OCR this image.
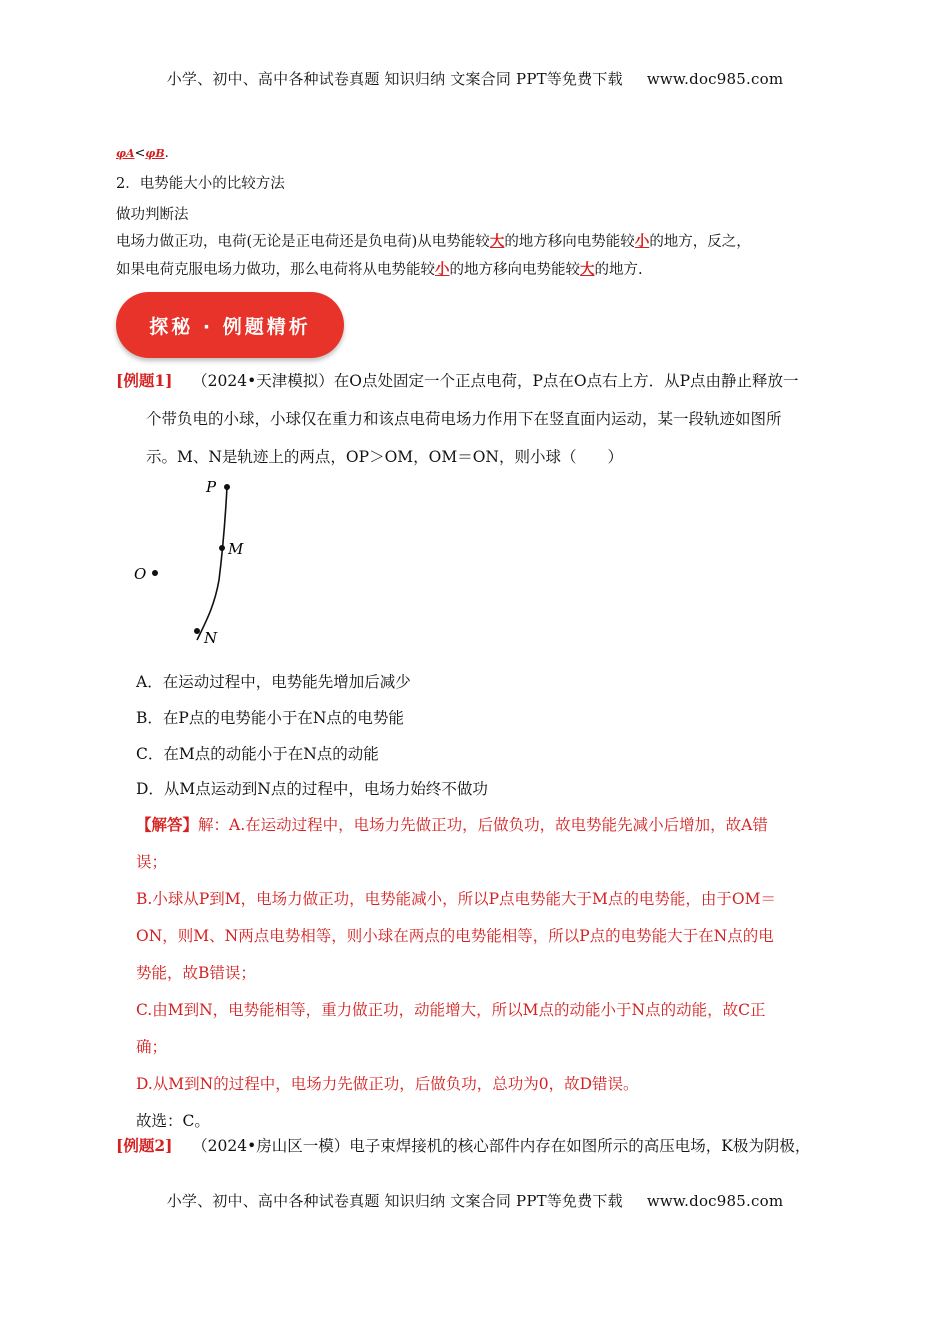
小学、初中、高中各种试卷真题 知识归纳 文案合同 PPT等免费下载 www.doc985.com
φA<φB.
2．电势能大小的比较方法
做功判断法
电场力做正功，电荷(无论是正电荷还是负电荷)从电势能较大的地方移向电势能较小的地方，反之，
如果电荷克服电场力做功，那么电荷将从电势能较小的地方移向电势能较大的地方.
探秘 · 例题精析
[例题1] （2024•天津模拟）在O点处固定一个正点电荷，P点在O点右上方．从P点由静止释放一
个带负电的小球，小球仅在重力和该点电荷电场力作用下在竖直面内运动，某一段轨迹如图所
示。M、N是轨迹上的两点，OP＞OM，OM＝ON，则小球（　　）
P
M
N
O
A．在运动过程中，电势能先增加后减少
B．在P点的电势能小于在N点的电势能
C．在M点的动能小于在N点的动能
D．从M点运动到N点的过程中，电场力始终不做功
【解答】解：A.在运动过程中，电场力先做正功，后做负功，故电势能先减小后增加，故A错
误；
B.小球从P到M，电场力做正功，电势能减小，所以P点电势能大于M点的电势能，由于OM＝
ON，则M、N两点电势相等，则小球在两点的电势能相等，所以P点的电势能大于在N点的电
势能，故B错误；
C.由M到N，电势能相等，重力做正功，动能增大，所以M点的动能小于N点的动能，故C正
确；
D.从M到N的过程中，电场力先做正功，后做负功，总功为0，故D错误。
故选：C。
[例题2] （2024•房山区一模）电子束焊接机的核心部件内存在如图所示的高压电场，K极为阴极，
小学、初中、高中各种试卷真题 知识归纳 文案合同 PPT等免费下载 www.doc985.com
